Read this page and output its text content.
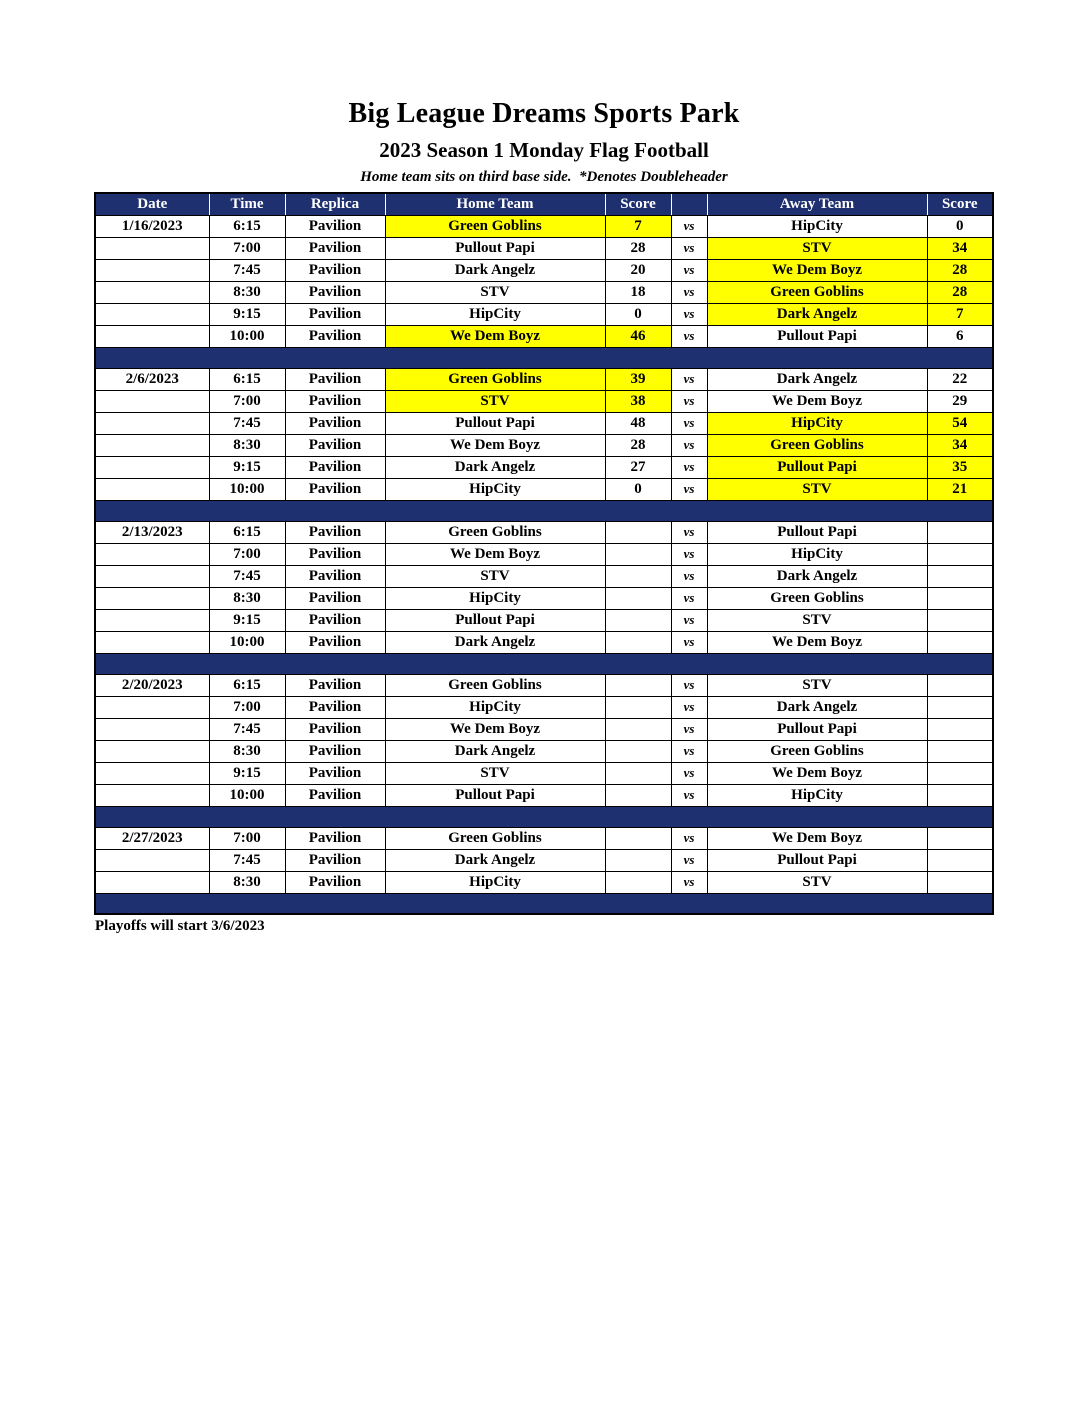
Big League Dreams Sports Park
2023 Season 1 Monday Flag Football
Home team sits on third base side.  *Denotes Doubleheader
Date	Time	Replica	Home Team	Score		Away Team	Score
1/16/2023	6:15	Pavilion	Green Goblins	7	vs	HipCity	0
	7:00	Pavilion	Pullout Papi	28	vs	STV	34
	7:45	Pavilion	Dark Angelz	20	vs	We Dem Boyz	28
	8:30	Pavilion	STV	18	vs	Green Goblins	28
	9:15	Pavilion	HipCity	0	vs	Dark Angelz	7
	10:00	Pavilion	We Dem Boyz	46	vs	Pullout Papi	6

2/6/2023	6:15	Pavilion	Green Goblins	39	vs	Dark Angelz	22
	7:00	Pavilion	STV	38	vs	We Dem Boyz	29
	7:45	Pavilion	Pullout Papi	48	vs	HipCity	54
	8:30	Pavilion	We Dem Boyz	28	vs	Green Goblins	34
	9:15	Pavilion	Dark Angelz	27	vs	Pullout Papi	35
	10:00	Pavilion	HipCity	0	vs	STV	21

2/13/2023	6:15	Pavilion	Green Goblins		vs	Pullout Papi	
	7:00	Pavilion	We Dem Boyz		vs	HipCity	
	7:45	Pavilion	STV		vs	Dark Angelz	
	8:30	Pavilion	HipCity		vs	Green Goblins	
	9:15	Pavilion	Pullout Papi		vs	STV	
	10:00	Pavilion	Dark Angelz		vs	We Dem Boyz	

2/20/2023	6:15	Pavilion	Green Goblins		vs	STV	
	7:00	Pavilion	HipCity		vs	Dark Angelz	
	7:45	Pavilion	We Dem Boyz		vs	Pullout Papi	
	8:30	Pavilion	Dark Angelz		vs	Green Goblins	
	9:15	Pavilion	STV		vs	We Dem Boyz	
	10:00	Pavilion	Pullout Papi		vs	HipCity	

2/27/2023	7:00	Pavilion	Green Goblins		vs	We Dem Boyz	
	7:45	Pavilion	Dark Angelz		vs	Pullout Papi	
	8:30	Pavilion	HipCity		vs	STV	

Playoffs will start 3/6/2023
